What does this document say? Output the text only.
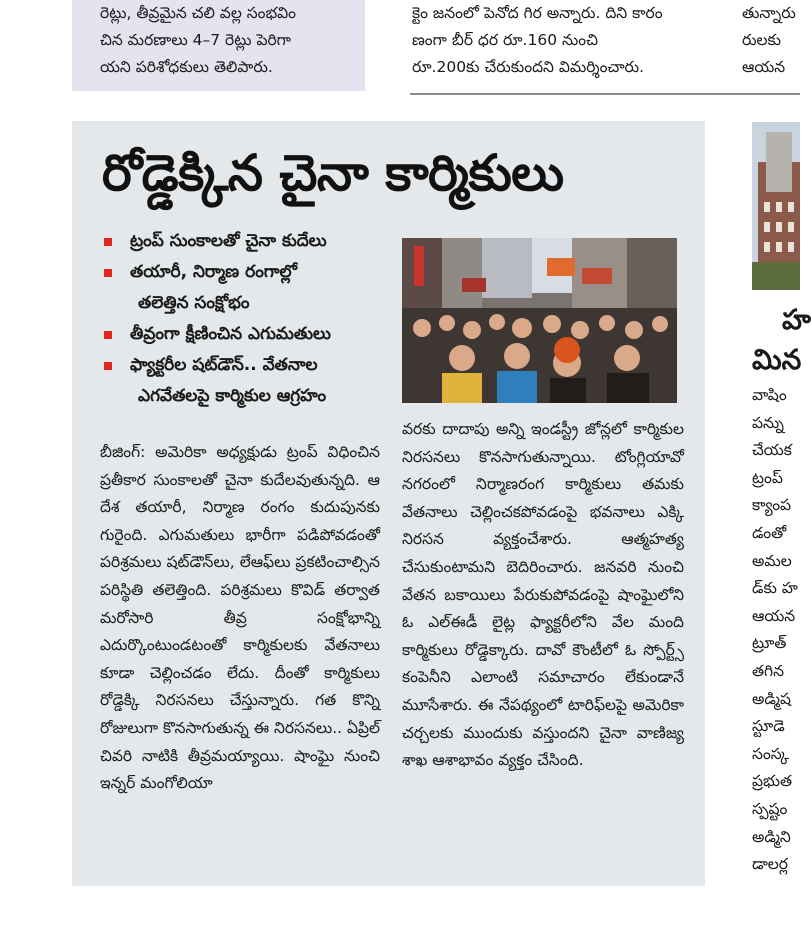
రెట్లు, తీవ్రమైన చలి వల్ల సంభవిం
చిన మరణాలు 4–7 రెట్లు పెరిగా
యని పరిశోధకులు తెలిపారు.
క్టెం జనంలో పెనోద గిర అన్నారు. దిని కారం
ణంగా బీర్ ధర రూ.160 నుంచి
రూ.200కు చేరుకుందని విమర్శించారు.
తున్నారు
రులకు
ఆయన
రోడ్డెక్కిన చైనా కార్మికులు
ట్రంప్ సుంకాలతో చైనా కుదేలు
తయారీ, నిర్మాణ రంగాల్లో
తలెత్తిన సంక్షోభం
తీవ్రంగా క్షీణించిన ఎగుమతులు
ఫ్యాక్టరీల షట్‌డౌన్.. వేతనాల
ఎగవేతలపై కార్మికుల ఆగ్రహం
బీజింగ్: అమెరికా అధ్యక్షుడు ట్రంప్ విధించిన ప్రతీకార సుంకాలతో చైనా కుదేలవుతున్నది. ఆ దేశ తయారీ, నిర్మాణ రంగం కుదుపునకు గురైంది. ఎగుమతులు భారీగా పడిపోవడంతో పరిశ్రమలు షట్‌డౌన్‌లు, లేఆఫ్‌లు ప్రకటించాల్సిన పరిస్థితి తలెత్తింది. పరిశ్రమలు కొవిడ్ తర్వాత మరోసారి తీవ్ర సంక్షోభాన్ని ఎదుర్కొంటుండటంతో కార్మికులకు వేతనాలు కూడా చెల్లించడం లేదు. దీంతో కార్మికులు రోడ్డెక్కి నిరసనలు చేస్తున్నారు. గత కొన్ని రోజులుగా కొనసాగుతున్న ఈ నిరసనలు.. ఏప్రిల్ చివరి నాటికి తీవ్రమయ్యాయి. షాంఘై నుంచి ఇన్నర్ మంగోలియా
వరకు దాదాపు అన్ని ఇండస్ట్రీ జోన్లలో కార్మికుల నిరసనలు కొనసాగుతున్నాయి. టోంగ్లియావో నగరంలో నిర్మాణరంగ కార్మికులు తమకు వేతనాలు చెల్లించకపోవడంపై భవనాలు ఎక్కి నిరసన వ్యక్తంచేశారు. ఆత్మహత్య చేసుకుంటామని బెదిరించారు. జనవరి నుంచి వేతన బకాయిలు పేరుకుపోవడంపై షాంఘైలోని ఓ ఎల్ఈడీ లైట్ల ఫ్యాక్టరీలోని వేల మంది కార్మికులు రోడ్డెక్కారు. దావో కౌంటీలో ఓ స్పోర్ట్స్ కంపెనీని ఎలాంటి సమాచారం లేకుండానే మూసేశారు. ఈ నేపథ్యంలో టారిఫ్‌లపై అమెరికా చర్చలకు ముందుకు వస్తుందని చైనా వాణిజ్య శాఖ ఆశాభావం వ్యక్తం చేసింది.
హ
మిన
వాషిం
పన్ను
చేయక
ట్రంప్
క్యాంప
డంతో
అమల
డ్‌కు హ
ఆయన
ట్రూత్
తగిన
అడ్మిష
స్టూడె
సంస్క
ప్రభుత
స్పష్టం
అడ్మిని
డాలర్ల
